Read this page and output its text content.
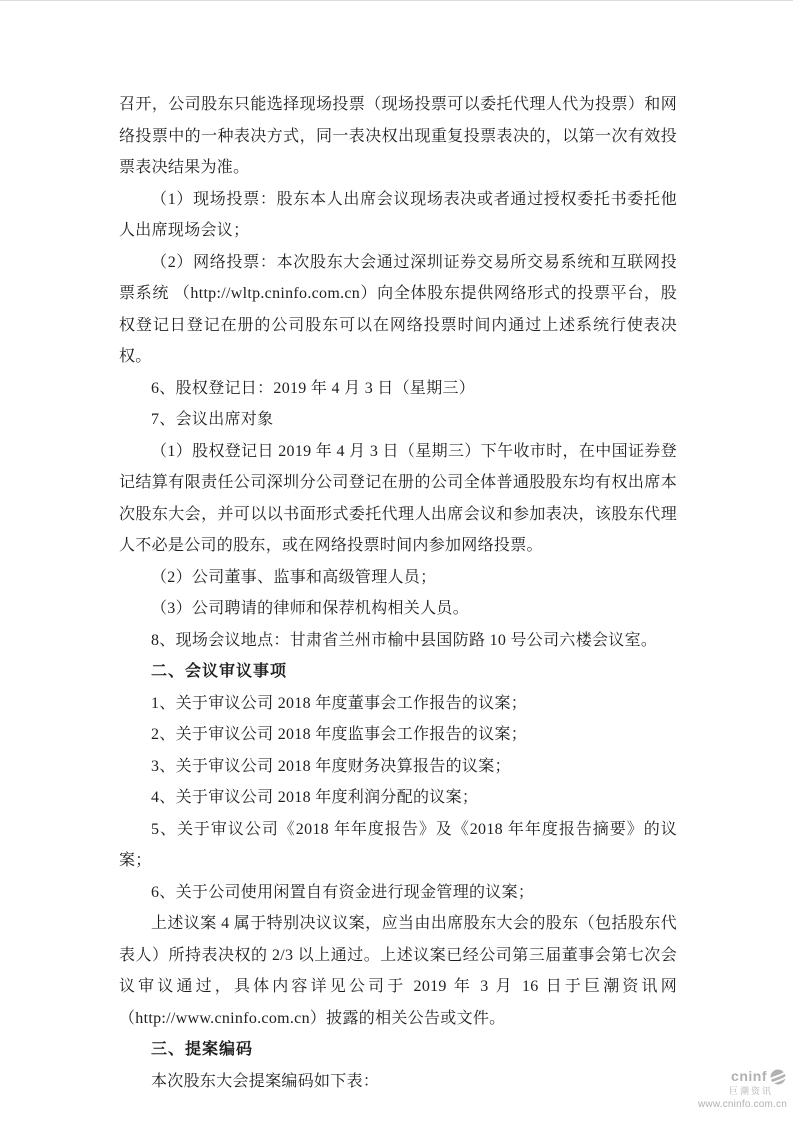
召开，公司股东只能选择现场投票（现场投票可以委托代理人代为投票）和网络投票中的一种表决方式，同一表决权出现重复投票表决的，以第一次有效投票表决结果为准。

（1）现场投票：股东本人出席会议现场表决或者通过授权委托书委托他人出席现场会议；

（2）网络投票：本次股东大会通过深圳证券交易所交易系统和互联网投票系统 （http://wltp.cninfo.com.cn）向全体股东提供网络形式的投票平台，股权登记日登记在册的公司股东可以在网络投票时间内通过上述系统行使表决权。

6、股权登记日：2019 年 4 月 3 日（星期三）

7、会议出席对象

（1）股权登记日 2019 年 4 月 3 日（星期三）下午收市时，在中国证券登记结算有限责任公司深圳分公司登记在册的公司全体普通股股东均有权出席本次股东大会，并可以以书面形式委托代理人出席会议和参加表决，该股东代理人不必是公司的股东，或在网络投票时间内参加网络投票。

（2）公司董事、监事和高级管理人员；

（3）公司聘请的律师和保荐机构相关人员。

8、现场会议地点：甘肃省兰州市榆中县国防路 10 号公司六楼会议室。

二、会议审议事项

1、关于审议公司 2018 年度董事会工作报告的议案；

2、关于审议公司 2018 年度监事会工作报告的议案；

3、关于审议公司 2018 年度财务决算报告的议案；

4、关于审议公司 2018 年度利润分配的议案；

5、关于审议公司《2018 年年度报告》及《2018 年年度报告摘要》的议案；

6、关于公司使用闲置自有资金进行现金管理的议案；

上述议案 4 属于特别决议议案，应当由出席股东大会的股东（包括股东代表人）所持表决权的 2/3 以上通过。上述议案已经公司第三届董事会第七次会议审议通过，具体内容详见公司于 2019 年 3 月 16 日于巨潮资讯网（http://www.cninfo.com.cn）披露的相关公告或文件。

三、提案编码

本次股东大会提案编码如下表：	cninf
巨潮资讯
www.cninfo.com.cn
